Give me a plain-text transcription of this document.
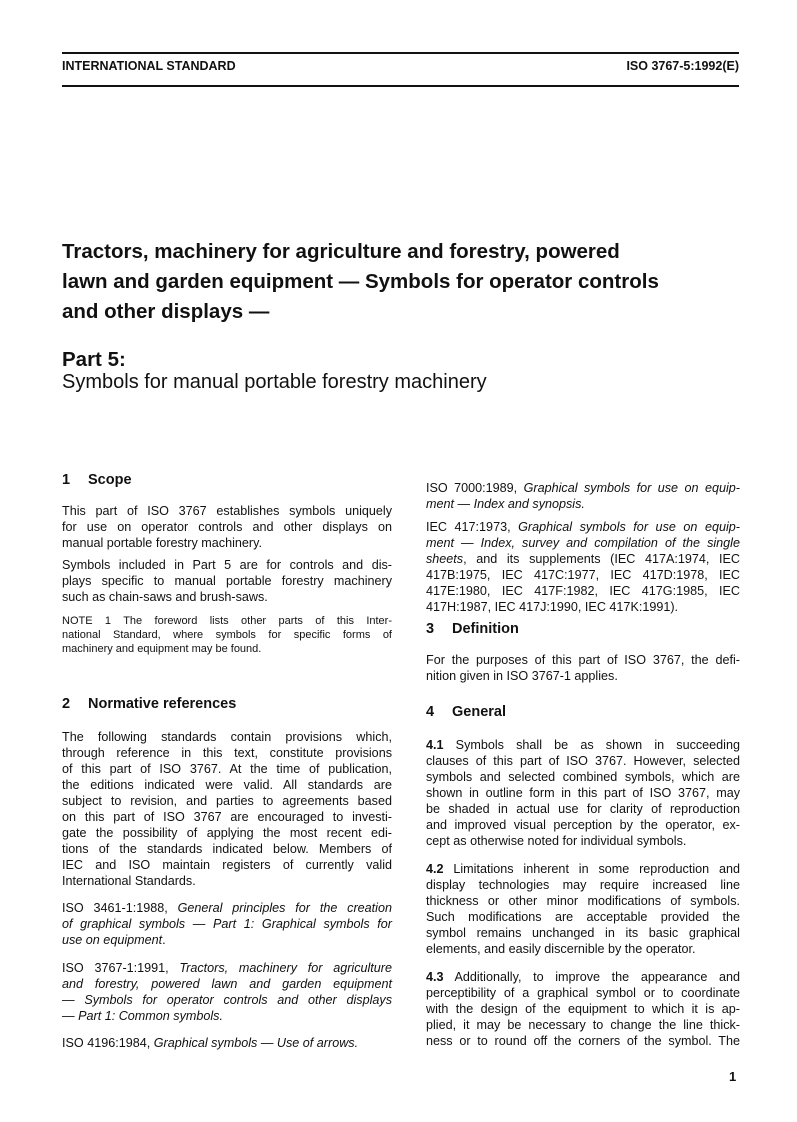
INTERNATIONAL STANDARD	ISO 3767-5:1992(E)
Tractors, machinery for agriculture and forestry, powered
lawn and garden equipment — Symbols for operator controls
and other displays —
Part 5:
Symbols for manual portable forestry machinery
1 Scope
This part of ISO 3767 establishes symbols uniquely
for use on operator controls and other displays on
manual portable forestry machinery.
Symbols included in Part 5 are for controls and dis-
plays specific to manual portable forestry machinery
such as chain-saws and brush-saws.
NOTE 1 The foreword lists other parts of this Inter-
national Standard, where symbols for specific forms of
machinery and equipment may be found.
2 Normative references
The following standards contain provisions which,
through reference in this text, constitute provisions
of this part of ISO 3767. At the time of publication,
the editions indicated were valid. All standards are
subject to revision, and parties to agreements based
on this part of ISO 3767 are encouraged to investi-
gate the possibility of applying the most recent edi-
tions of the standards indicated below. Members of
IEC and ISO maintain registers of currently valid
International Standards.
ISO 3461-1:1988, General principles for the creation
of graphical symbols — Part 1: Graphical symbols for
use on equipment.
ISO 3767-1:1991, Tractors, machinery for agriculture
and forestry, powered lawn and garden equipment
— Symbols for operator controls and other displays
— Part 1: Common symbols.
ISO 4196:1984, Graphical symbols — Use of arrows.
ISO 7000:1989, Graphical symbols for use on equip-
ment — Index and synopsis.
IEC 417:1973, Graphical symbols for use on equip-
ment — Index, survey and compilation of the single
sheets, and its supplements (IEC 417A:1974, IEC
417B:1975, IEC 417C:1977, IEC 417D:1978, IEC
417E:1980, IEC 417F:1982, IEC 417G:1985, IEC
417H:1987, IEC 417J:1990, IEC 417K:1991).
3 Definition
For the purposes of this part of ISO 3767, the defi-
nition given in ISO 3767-1 applies.
4 General
4.1 Symbols shall be as shown in succeeding
clauses of this part of ISO 3767. However, selected
symbols and selected combined symbols, which are
shown in outline form in this part of ISO 3767, may
be shaded in actual use for clarity of reproduction
and improved visual perception by the operator, ex-
cept as otherwise noted for individual symbols.
4.2 Limitations inherent in some reproduction and
display technologies may require increased line
thickness or other minor modifications of symbols.
Such modifications are acceptable provided the
symbol remains unchanged in its basic graphical
elements, and easily discernible by the operator.
4.3 Additionally, to improve the appearance and
perceptibility of a graphical symbol or to coordinate
with the design of the equipment to which it is ap-
plied, it may be necessary to change the line thick-
ness or to round off the corners of the symbol. The
1
